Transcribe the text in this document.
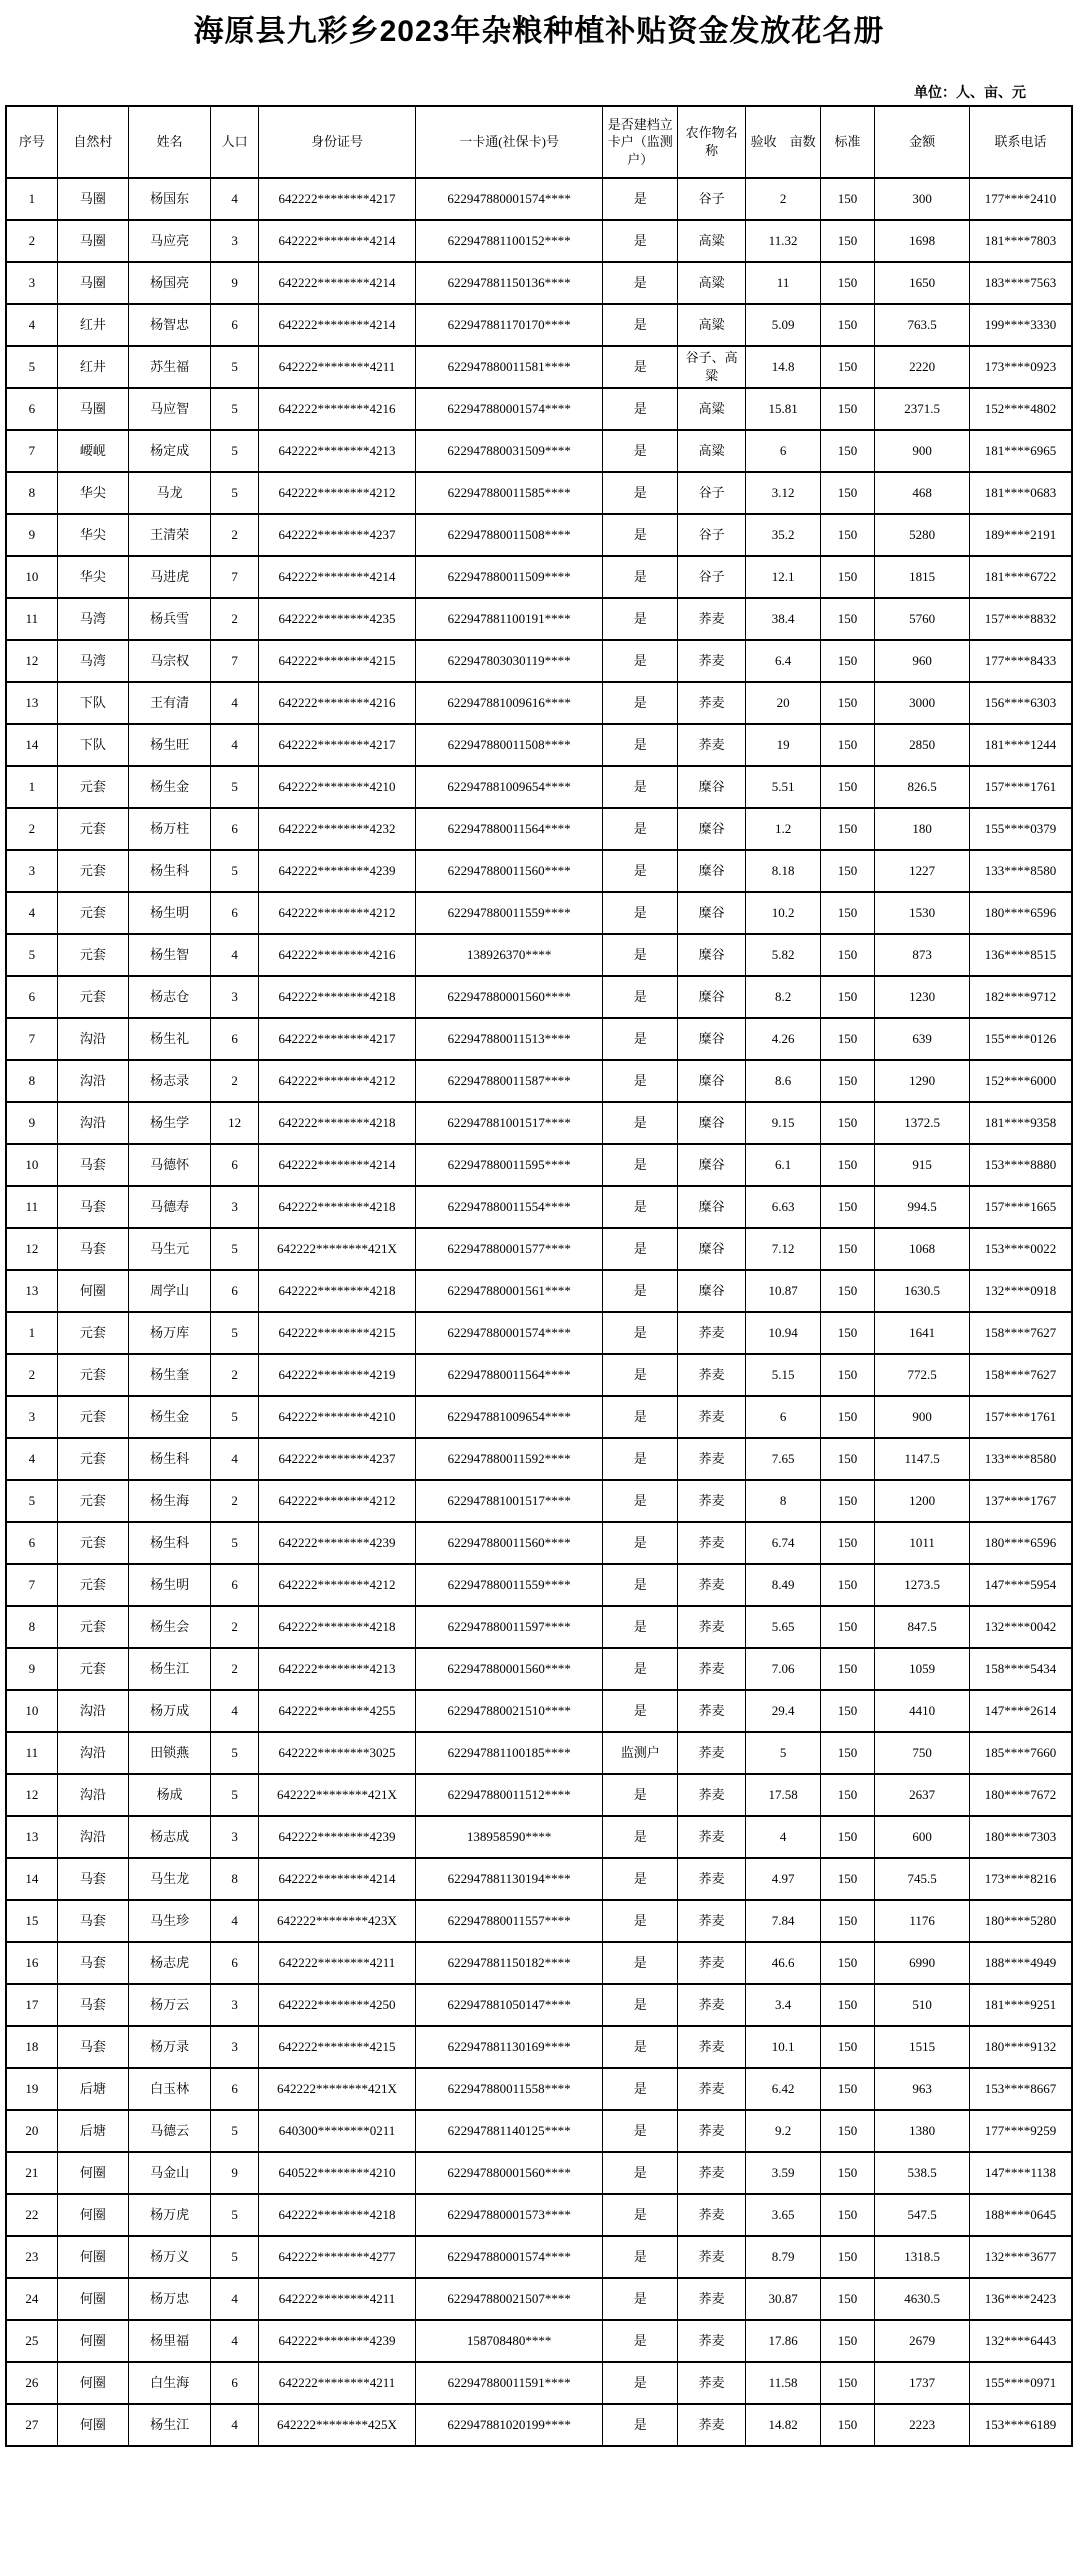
海原县九彩乡2023年杂粮种植补贴资金发放花名册
单位：人、亩、元
序号	自然村	姓名	人口	身份证号	一卡通(社保卡)号	是否建档立卡户（监测户）	农作物名称	验收　亩数	标准	金额	联系电话
1	马圈	杨国东	4	642222********4217	622947880001574****	是	谷子	2	150	300	177****2410
2	马圈	马应亮	3	642222********4214	622947881100152****	是	高粱	11.32	150	1698	181****7803
3	马圈	杨国亮	9	642222********4214	622947881150136****	是	高粱	11	150	1650	183****7563
4	红井	杨智忠	6	642222********4214	622947881170170****	是	高粱	5.09	150	763.5	199****3330
5	红井	苏生福	5	642222********4211	622947880011581****	是	谷子、高粱	14.8	150	2220	173****0923
6	马圈	马应智	5	642222********4216	622947880001574****	是	高粱	15.81	150	2371.5	152****4802
7	崾岘	杨定成	5	642222********4213	622947880031509****	是	高粱	6	150	900	181****6965
8	华尖	马龙	5	642222********4212	622947880011585****	是	谷子	3.12	150	468	181****0683
9	华尖	王清荣	2	642222********4237	622947880011508****	是	谷子	35.2	150	5280	189****2191
10	华尖	马进虎	7	642222********4214	622947880011509****	是	谷子	12.1	150	1815	181****6722
11	马湾	杨兵雪	2	642222********4235	622947881100191****	是	荞麦	38.4	150	5760	157****8832
12	马湾	马宗权	7	642222********4215	622947803030119****	是	荞麦	6.4	150	960	177****8433
13	下队	王有清	4	642222********4216	622947881009616****	是	荞麦	20	150	3000	156****6303
14	下队	杨生旺	4	642222********4217	622947880011508****	是	荞麦	19	150	2850	181****1244
1	元套	杨生金	5	642222********4210	622947881009654****	是	糜谷	5.51	150	826.5	157****1761
2	元套	杨万柱	6	642222********4232	622947880011564****	是	糜谷	1.2	150	180	155****0379
3	元套	杨生科	5	642222********4239	622947880011560****	是	糜谷	8.18	150	1227	133****8580
4	元套	杨生明	6	642222********4212	622947880011559****	是	糜谷	10.2	150	1530	180****6596
5	元套	杨生智	4	642222********4216	138926370****	是	糜谷	5.82	150	873	136****8515
6	元套	杨志仓	3	642222********4218	622947880001560****	是	糜谷	8.2	150	1230	182****9712
7	沟沿	杨生礼	6	642222********4217	622947880011513****	是	糜谷	4.26	150	639	155****0126
8	沟沿	杨志录	2	642222********4212	622947880011587****	是	糜谷	8.6	150	1290	152****6000
9	沟沿	杨生学	12	642222********4218	622947881001517****	是	糜谷	9.15	150	1372.5	181****9358
10	马套	马德怀	6	642222********4214	622947880011595****	是	糜谷	6.1	150	915	153****8880
11	马套	马德寿	3	642222********4218	622947880011554****	是	糜谷	6.63	150	994.5	157****1665
12	马套	马生元	5	642222********421X	622947880001577****	是	糜谷	7.12	150	1068	153****0022
13	何圈	周学山	6	642222********4218	622947880001561****	是	糜谷	10.87	150	1630.5	132****0918
1	元套	杨万库	5	642222********4215	622947880001574****	是	荞麦	10.94	150	1641	158****7627
2	元套	杨生奎	2	642222********4219	622947880011564****	是	荞麦	5.15	150	772.5	158****7627
3	元套	杨生金	5	642222********4210	622947881009654****	是	荞麦	6	150	900	157****1761
4	元套	杨生科	4	642222********4237	622947880011592****	是	荞麦	7.65	150	1147.5	133****8580
5	元套	杨生海	2	642222********4212	622947881001517****	是	荞麦	8	150	1200	137****1767
6	元套	杨生科	5	642222********4239	622947880011560****	是	荞麦	6.74	150	1011	180****6596
7	元套	杨生明	6	642222********4212	622947880011559****	是	荞麦	8.49	150	1273.5	147****5954
8	元套	杨生会	2	642222********4218	622947880011597****	是	荞麦	5.65	150	847.5	132****0042
9	元套	杨生江	2	642222********4213	622947880001560****	是	荞麦	7.06	150	1059	158****5434
10	沟沿	杨万成	4	642222********4255	622947880021510****	是	荞麦	29.4	150	4410	147****2614
11	沟沿	田锁燕	5	642222********3025	622947881100185****	监测户	荞麦	5	150	750	185****7660
12	沟沿	杨成	5	642222********421X	622947880011512****	是	荞麦	17.58	150	2637	180****7672
13	沟沿	杨志成	3	642222********4239	138958590****	是	荞麦	4	150	600	180****7303
14	马套	马生龙	8	642222********4214	622947881130194****	是	荞麦	4.97	150	745.5	173****8216
15	马套	马生珍	4	642222********423X	622947880011557****	是	荞麦	7.84	150	1176	180****5280
16	马套	杨志虎	6	642222********4211	622947881150182****	是	荞麦	46.6	150	6990	188****4949
17	马套	杨万云	3	642222********4250	622947881050147****	是	荞麦	3.4	150	510	181****9251
18	马套	杨万录	3	642222********4215	622947881130169****	是	荞麦	10.1	150	1515	180****9132
19	后塘	白玉林	6	642222********421X	622947880011558****	是	荞麦	6.42	150	963	153****8667
20	后塘	马德云	5	640300********0211	622947881140125****	是	荞麦	9.2	150	1380	177****9259
21	何圈	马金山	9	640522********4210	622947880001560****	是	荞麦	3.59	150	538.5	147****1138
22	何圈	杨万虎	5	642222********4218	622947880001573****	是	荞麦	3.65	150	547.5	188****0645
23	何圈	杨万义	5	642222********4277	622947880001574****	是	荞麦	8.79	150	1318.5	132****3677
24	何圈	杨万忠	4	642222********4211	622947880021507****	是	荞麦	30.87	150	4630.5	136****2423
25	何圈	杨里福	4	642222********4239	158708480****	是	荞麦	17.86	150	2679	132****6443
26	何圈	白生海	6	642222********4211	622947880011591****	是	荞麦	11.58	150	1737	155****0971
27	何圈	杨生江	4	642222********425X	622947881020199****	是	荞麦	14.82	150	2223	153****6189
